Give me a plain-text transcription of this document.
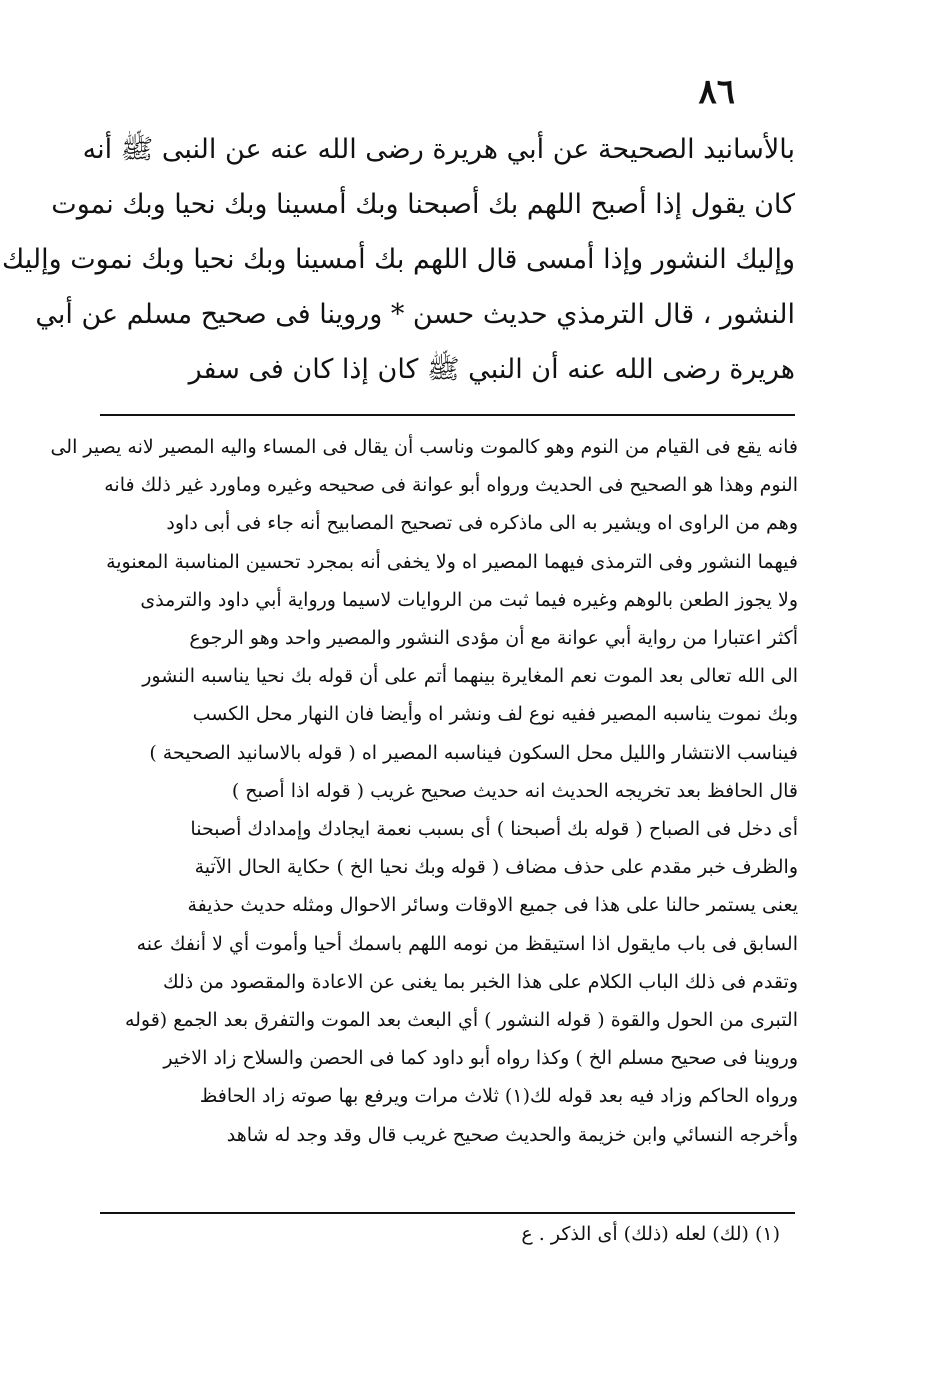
٨٦
بالأسانيد الصحيحة عن أبي هريرة رضى الله عنه عن النبى ﷺ أنه
كان يقول إذا أصبح اللهم بك أصبحنا وبك أمسينا وبك نحيا وبك نموت
وإليك النشور وإذا أمسى قال اللهم بك أمسينا وبك نحيا وبك نموت وإليك
النشور ، قال الترمذي حديث حسن * وروينا فى صحيح مسلم عن أبي
هريرة رضى الله عنه أن النبي ﷺ كان إذا كان فى سفر
فانه يقع فى القيام من النوم وهو كالموت وناسب أن يقال فى المساء واليه المصير لانه يصير الى
النوم وهذا هو الصحيح فى الحديث ورواه أبو عوانة فى صحيحه وغيره وماورد غير ذلك فانه
وهم من الراوى اه ويشير به الى ماذكره فى تصحيح المصابيح أنه جاء فى أبى داود
فيهما النشور وفى الترمذى فيهما المصير اه ولا يخفى أنه بمجرد تحسين المناسبة المعنوية
ولا يجوز الطعن بالوهم وغيره فيما ثبت من الروايات لاسيما ورواية أبي داود والترمذى
أكثر اعتبارا من رواية أبي عوانة مع أن مؤدى النشور والمصير واحد وهو الرجوع
الى الله تعالى بعد الموت نعم المغايرة بينهما أتم على أن قوله بك نحيا يناسبه النشور
وبك نموت يناسبه المصير ففيه نوع لف ونشر اه وأيضا فان النهار محل الكسب
فيناسب الانتشار والليل محل السكون فيناسبه المصير اه ( قوله بالاسانيد الصحيحة )
قال الحافظ بعد تخريجه الحديث انه حديث صحيح غريب ( قوله اذا أصبح )
أى دخل فى الصباح ( قوله بك أصبحنا ) أى بسبب نعمة ايجادك وإمدادك أصبحنا
والظرف خبر مقدم على حذف مضاف ( قوله وبك نحيا الخ ) حكاية الحال الآتية
يعنى يستمر حالنا على هذا فى جميع الاوقات وسائر الاحوال ومثله حديث حذيفة
السابق فى باب مايقول اذا استيقظ من نومه اللهم باسمك أحيا وأموت أي لا أنفك عنه
وتقدم فى ذلك الباب الكلام على هذا الخبر بما يغنى عن الاعادة والمقصود من ذلك
التبرى من الحول والقوة ( قوله النشور ) أي البعث بعد الموت والتفرق بعد الجمع (قوله
وروينا فى صحيح مسلم الخ ) وكذا رواه أبو داود كما فى الحصن والسلاح زاد الاخير
ورواه الحاكم وزاد فيه بعد قوله لك(١) ثلاث مرات ويرفع بها صوته زاد الحافظ
وأخرجه النسائي وابن خزيمة والحديث صحيح غريب قال وقد وجد له شاهد
(١) (لك) لعله (ذلك) أى الذكر . ع
